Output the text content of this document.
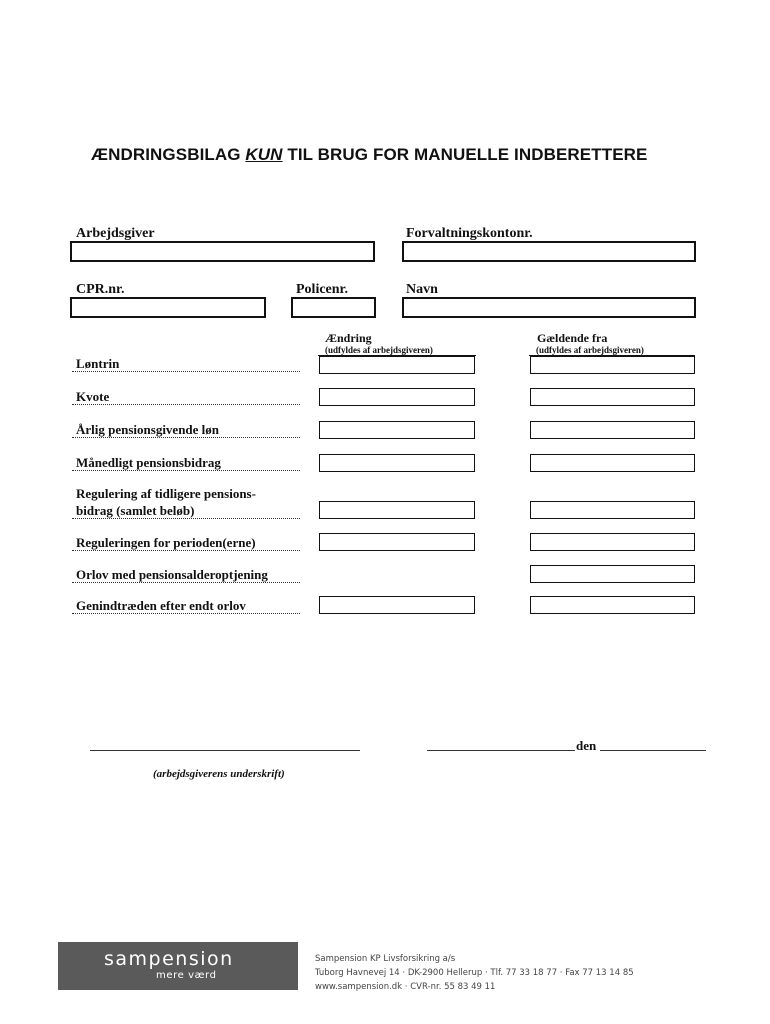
ÆNDRINGSBILAG KUN TIL BRUG FOR MANUELLE INDBERETTERE
Arbejdsgiver	Forvaltningskontonr.
CPR.nr.	Policenr.	Navn
Ændring
(udfyldes af arbejdsgiveren)
Gældende fra
(udfyldes af arbejdsgiveren)
Løntrin
Kvote
Årlig pensionsgivende løn
Månedligt pensionsbidrag
Regulering af tidligere pensions-
bidrag (samlet beløb)
Reguleringen for perioden(erne)
Orlov med pensionsalderoptjening
Genindtræden efter endt orlov
den
(arbejdsgiverens underskrift)
sampension
mere værd
Sampension KP Livsforsikring a/s
Tuborg Havnevej 14 · DK-2900 Hellerup · Tlf. 77 33 18 77 · Fax 77 13 14 85
www.sampension.dk · CVR-nr. 55 83 49 11
